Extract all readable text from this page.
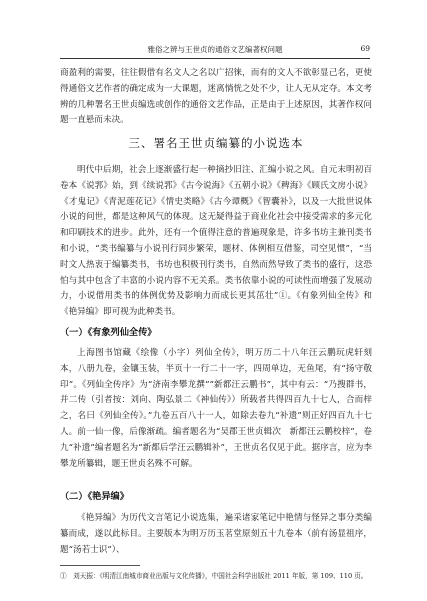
雅俗之辨与王世贞的通俗文艺编著权问题	69

商盈利的需要，往往假借有名文人之名以广招徕，而有的文人不欲彰显己名，更使得通俗文艺作者的确定成为一大课题，迷离惝恍之处不少，让人无从定夺。本文考辨的几种署名王世贞编选或创作的通俗文艺作品，正是由于上述原因，其著作权问题一直悬而未决。

三、署名王世贞编纂的小说选本

明代中后期，社会上逐渐盛行起一种摘抄旧注、汇编小说之风。自元末明初百卷本《说郛》始，到《续说郛》《古今说海》《五朝小说》《稗海》《顾氏文房小说》《才鬼记》《青泥莲花记》《情史类略》《古今谭概》《智囊补》，以及一大批世说体小说的问世，都是这种风气的体现。这无疑得益于商业化社会中接受需求的多元化和印刷技术的进步。此外，还有一个值得注意的普遍现象是，许多书坊主兼刊类书和小说，“类书编纂与小说刊行同步繁荣，题材、体例相互借鉴，司空见惯”，“当时文人热衷于编纂类书，书坊也积极刊行类书，自然而然导致了类书的盛行，这恐怕与其中包含了丰富的小说内容不无关系。类书依靠小说的可读性而增强了发展动力，小说借用类书的体例优势及影响力而成长更其茁壮”①。《有象列仙全传》和《艳异编》即可视为此种类书。

（一）《有象列仙全传》

上海图书馆藏《绘像（小字）列仙全传》，明万历二十八年汪云鹏玩虎轩刻本，八册九卷，金镶玉装，半页十一行二十一字，四周单边，无鱼尾，有“扬守敬印”。《列仙全传序》为“济南李攀龙撰”“新都汪云鹏书”，其中有云：“乃搜群书，并二传（引者按：刘向、陶弘景二《神仙传》）所载者共得四百九十七人，合而梓之，名曰《列仙全传》。”九卷五百八十一人，如除去卷九“补遗”则正好四百九十七人。前一仙一像，后像渐疏。编者题名为“吴郡王世贞辑次　新都汪云鹏校梓”，卷九“补遗”编者题名为“新都后学汪云鹏辑补”，王世贞名仅见于此。据序言，应为李攀龙所纂辑，题王世贞名殊不可解。

（二）《艳异编》

《艳异编》为历代文言笔记小说选集，遍采诸家笔记中艳情与怪异之事分类编纂而成，遂以此标目。主要版本为明万历玉茗堂原刻五十九卷本（前有汤显祖序，题“汤若士识”）、

①　刘天振：《明清江南城市商业出版与文化传播》，中国社会科学出版社 2011 年版，第 109、110 页。
